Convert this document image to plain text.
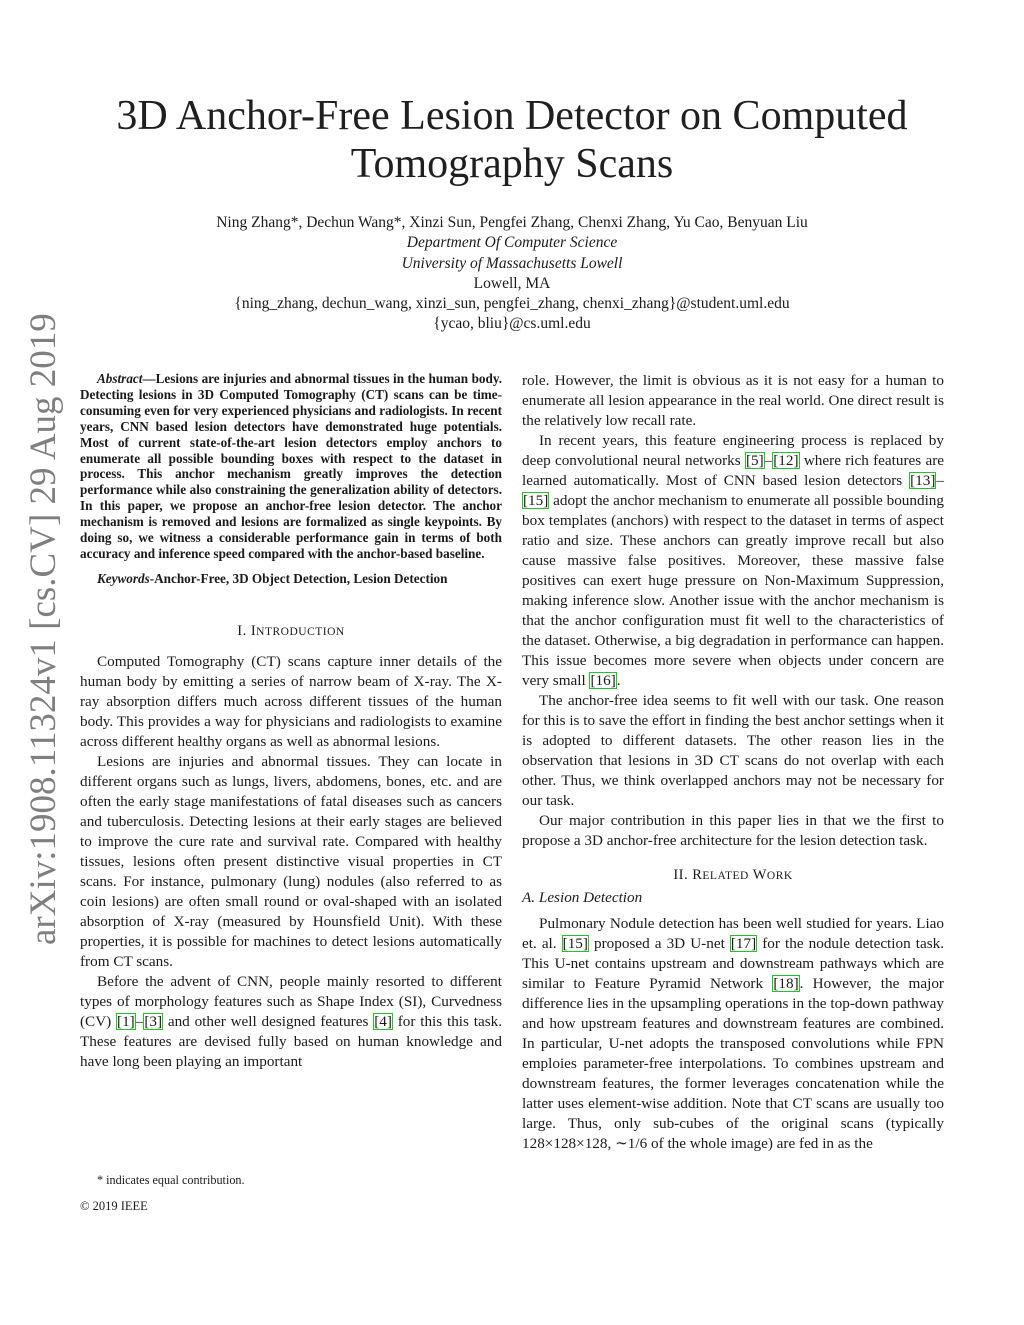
arXiv:1908.11324v1 [cs.CV] 29 Aug 2019
3D Anchor-Free Lesion Detector on Computed Tomography Scans
Ning Zhang*, Dechun Wang*, Xinzi Sun, Pengfei Zhang, Chenxi Zhang, Yu Cao, Benyuan Liu
Department Of Computer Science
University of Massachusetts Lowell
Lowell, MA
{ning_zhang, dechun_wang, xinzi_sun, pengfei_zhang, chenxi_zhang}@student.uml.edu
{ycao, bliu}@cs.uml.edu
Abstract—Lesions are injuries and abnormal tissues in the human body. Detecting lesions in 3D Computed Tomography (CT) scans can be time-consuming even for very experienced physicians and radiologists. In recent years, CNN based lesion detectors have demonstrated huge potentials. Most of current state-of-the-art lesion detectors employ anchors to enumerate all possible bounding boxes with respect to the dataset in process. This anchor mechanism greatly improves the detection performance while also constraining the generalization ability of detectors. In this paper, we propose an anchor-free lesion detector. The anchor mechanism is removed and lesions are formalized as single keypoints. By doing so, we witness a considerable performance gain in terms of both accuracy and inference speed compared with the anchor-based baseline.
Keywords-Anchor-Free, 3D Object Detection, Lesion Detection

I. INTRODUCTION

Computed Tomography (CT) scans capture inner details of the human body by emitting a series of narrow beam of X-ray. The X-ray absorption differs much across different tissues of the human body. This provides a way for physicians and radiologists to examine across different healthy organs as well as abnormal lesions.

Lesions are injuries and abnormal tissues. They can locate in different organs such as lungs, livers, abdomens, bones, etc. and are often the early stage manifestations of fatal diseases such as cancers and tuberculosis. Detecting lesions at their early stages are believed to improve the cure rate and survival rate. Compared with healthy tissues, lesions often present distinctive visual properties in CT scans. For instance, pulmonary (lung) nodules (also referred to as coin lesions) are often small round or oval-shaped with an isolated absorption of X-ray (measured by Hounsfield Unit). With these properties, it is possible for machines to detect lesions automatically from CT scans.

Before the advent of CNN, people mainly resorted to different types of morphology features such as Shape Index (SI), Curvedness (CV) [1]–[3] and other well designed features [4] for this this task. These features are devised fully based on human knowledge and have long been playing an important

* indicates equal contribution.
© 2019 IEEE

role. However, the limit is obvious as it is not easy for a human to enumerate all lesion appearance in the real world. One direct result is the relatively low recall rate.

In recent years, this feature engineering process is replaced by deep convolutional neural networks [5]–[12] where rich features are learned automatically. Most of CNN based lesion detectors [13]–[15] adopt the anchor mechanism to enumerate all possible bounding box templates (anchors) with respect to the dataset in terms of aspect ratio and size. These anchors can greatly improve recall but also cause massive false positives. Moreover, these massive false positives can exert huge pressure on Non-Maximum Suppression, making inference slow. Another issue with the anchor mechanism is that the anchor configuration must fit well to the characteristics of the dataset. Otherwise, a big degradation in performance can happen. This issue becomes more severe when objects under concern are very small [16].

The anchor-free idea seems to fit well with our task. One reason for this is to save the effort in finding the best anchor settings when it is adopted to different datasets. The other reason lies in the observation that lesions in 3D CT scans do not overlap with each other. Thus, we think overlapped anchors may not be necessary for our task.

Our major contribution in this paper lies in that we the first to propose a 3D anchor-free architecture for the lesion detection task.

II. RELATED WORK

A. Lesion Detection

Pulmonary Nodule detection has been well studied for years. Liao et. al. [15] proposed a 3D U-net [17] for the nodule detection task. This U-net contains upstream and downstream pathways which are similar to Feature Pyramid Network [18]. However, the major difference lies in the upsampling operations in the top-down pathway and how upstream features and downstream features are combined. In particular, U-net adopts the transposed convolutions while FPN emploies parameter-free interpolations. To combines upstream and downstream features, the former leverages concatenation while the latter uses element-wise addition. Note that CT scans are usually too large. Thus, only sub-cubes of the original scans (typically 128×128×128, ∼1/6 of the whole image) are fed in as the
